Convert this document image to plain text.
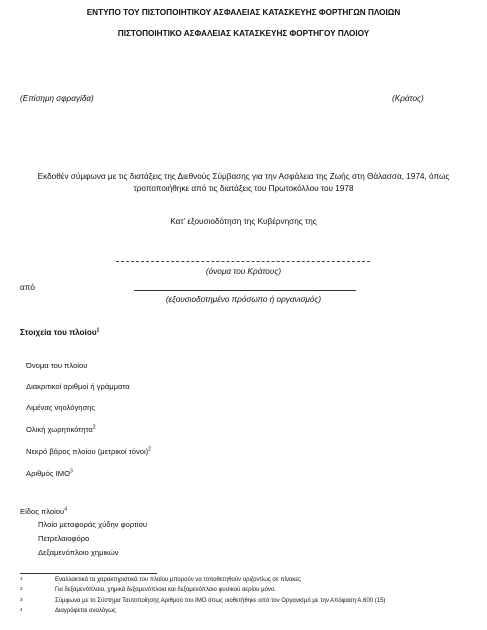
ΕΝΤΥΠΟ ΤΟΥ ΠΙΣΤΟΠΟΙΗΤΙΚΟΥ ΑΣΦΑΛΕΙΑΣ ΚΑΤΑΣΚΕΥΗΣ ΦΟΡΤΗΓΩΝ ΠΛΟΙΩΝ
ΠΙΣΤΟΠΟΙΗΤΙΚΟ ΑΣΦΑΛΕΙΑΣ ΚΑΤΑΣΚΕΥΗΣ ΦΟΡΤΗΓΟΥ ΠΛΟΙΟΥ
(Επίσημη σφραγίδα)	(Κράτος)
Εκδοθέν σύμφωνα με τις διατάξεις της Διεθνούς Σύμβασης για την Ασφάλεια της Ζωής στη Θάλασσα, 1974, όπως
τροποποιήθηκε από τις διατάξεις του Πρωτοκόλλου του 1978
Κατ’ εξουσιοδότηση της Κυβέρνησης της
(όνομα του Κράτους)
από
(εξουσιοδοτημένο πρόσωπο ή οργανισμός)
Στοιχεία του πλοίου$^1$
Όνομα του πλοίου
Διακριτικοί αριθμοί ή γράμματα
Λιμένας νηολόγησης
Ολική χωρητικότητα$^2$
Νεκρό βάρος πλοίου (μετρικοί τόνοι)$^2$
Αριθμός ΙΜΟ$^3$
Είδος πλοίου$^4$
Πλοίο μεταφοράς χύδην φορτίου
Πετρελαιοφόρο
Δεξαμενόπλοιο χημικών
1	Εναλλακτικά τα χαρακτηριστικά του πλοίου μπορούν να τοποθετηθούν οριζοντίως σε πίνακες
2	Για δεξαμενόπλοια, χημικά δεξαμενόπλοια και δεξαμενόπλοιο φυσικού αερίου μόνο.
3	Σύμφωνα με το Σύστημα Ταυτοποίησης Αριθμού του ΙΜΟ όπως υιοθετήθηκε από τον Οργανισμό με την Απόφαση Α.600 (15)
4	Διαγράφεται αναλόγως
